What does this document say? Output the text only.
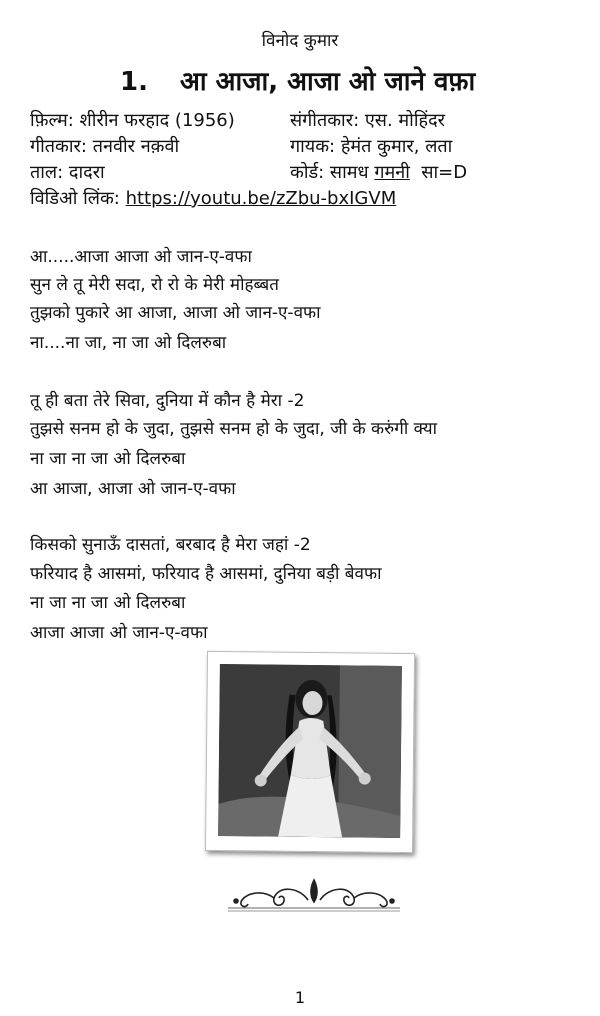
विनोद कुमार
1. आ आजा, आजा ओ जाने वफ़ा
फ़िल्म: शीरीन फरहाद (1956)	संगीतकार: एस. मोहिंदर
गीतकार: तनवीर नक़वी	गायक: हेमंत कुमार, लता
ताल: दादरा	कोर्ड: सामध गमनी सा=D
विडिओ लिंक: https://youtu.be/zZbu-bxIGVM
आ.....आजा आजा ओ जान-ए-वफा
सुन ले तू मेरी सदा, रो रो के मेरी मोहब्बत
तुझको पुकारे आ आजा, आजा ओ जान-ए-वफा
ना....ना जा, ना जा ओ दिलरुबा
तू ही बता तेरे सिवा, दुनिया में कौन है मेरा -2
तुझसे सनम हो के जुदा, तुझसे सनम हो के जुदा, जी के करुंगी क्या
ना जा ना जा ओ दिलरुबा
आ आजा, आजा ओ जान-ए-वफा
किसको सुनाऊँ दासतां, बरबाद है मेरा जहां -2
फरियाद है आसमां, फरियाद है आसमां, दुनिया बड़ी बेवफा
ना जा ना जा ओ दिलरुबा
आजा आजा ओ जान-ए-वफा
1
